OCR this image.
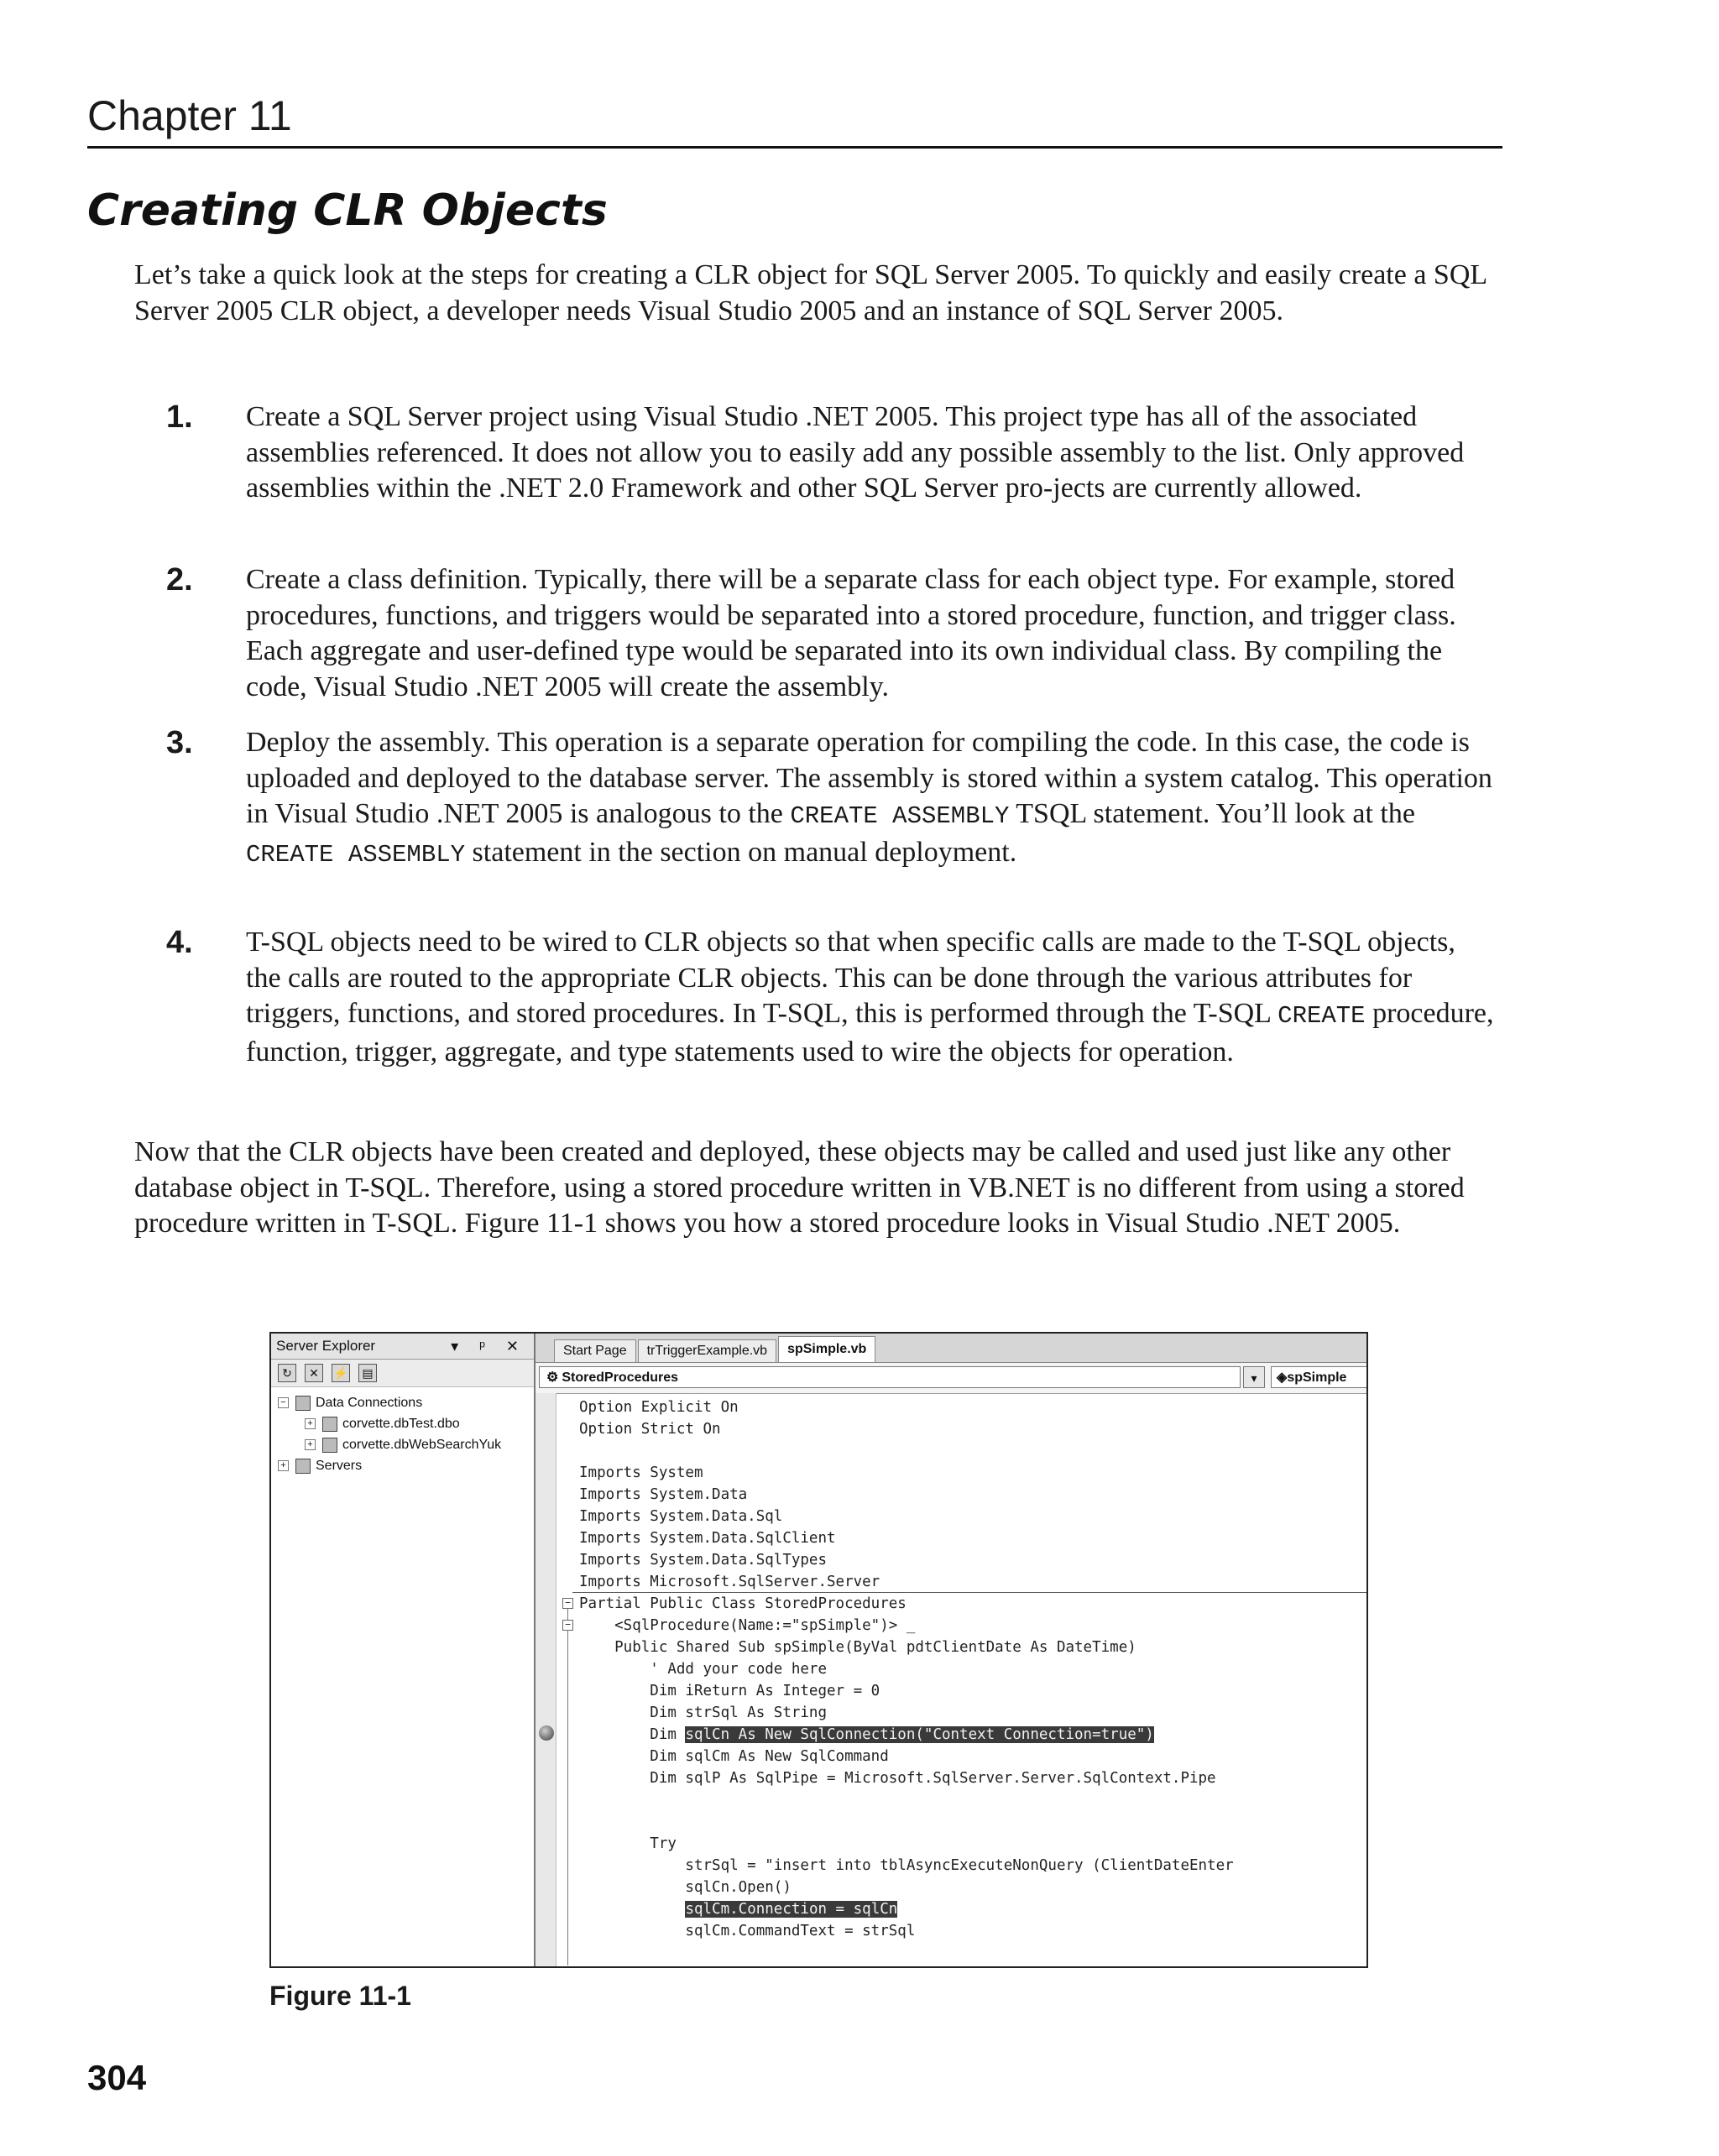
Chapter 11
Creating CLR Objects

Let’s take a quick look at the steps for creating a CLR object for SQL Server 2005. To quickly and easily create a SQL Server 2005 CLR object, a developer needs Visual Studio 2005 and an instance of SQL Server 2005.

1. Create a SQL Server project using Visual Studio .NET 2005. This project type has all of the associated assemblies referenced. It does not allow you to easily add any possible assembly to the list. Only approved assemblies within the .NET 2.0 Framework and other SQL Server pro-jects are currently allowed.
2. Create a class definition. Typically, there will be a separate class for each object type. For example, stored procedures, functions, and triggers would be separated into a stored procedure, function, and trigger class. Each aggregate and user-defined type would be separated into its own individual class. By compiling the code, Visual Studio .NET 2005 will create the assembly.
3. Deploy the assembly. This operation is a separate operation for compiling the code. In this case, the code is uploaded and deployed to the database server. The assembly is stored within a system catalog. This operation in Visual Studio .NET 2005 is analogous to the CREATE ASSEMBLY TSQL statement. You’ll look at the CREATE ASSEMBLY statement in the section on manual deployment.
4. T-SQL objects need to be wired to CLR objects so that when specific calls are made to the T-SQL objects, the calls are routed to the appropriate CLR objects. This can be done through the various attributes for triggers, functions, and stored procedures. In T-SQL, this is performed through the T-SQL CREATE procedure, function, trigger, aggregate, and type statements used to wire the objects for operation.

Now that the CLR objects have been created and deployed, these objects may be called and used just like any other database object in T-SQL. Therefore, using a stored procedure written in VB.NET is no different from using a stored procedure written in T-SQL. Figure 11-1 shows you how a stored procedure looks in Visual Studio .NET 2005.

Server Explorer	▾ ᵖ ✕
↻	✕	⚡	▤
− Data Connections
+ corvette.dbTest.dbo
+ corvette.dbWebSearchYuk
+ Servers
Start Page	trTriggerExample.vb	spSimple.vb
⚙ StoredProcedures	▾	◈spSimple
−
−
Option Explicit On
Option Strict On
Imports System
Imports System.Data
Imports System.Data.Sql
Imports System.Data.SqlClient
Imports System.Data.SqlTypes
Imports Microsoft.SqlServer.Server
Partial Public Class StoredProcedures
<SqlProcedure(Name:="spSimple")> _
Public Shared Sub spSimple(ByVal pdtClientDate As DateTime)
' Add your code here
Dim iReturn As Integer = 0
Dim strSql As String
Dim sqlCn As New SqlConnection("Context Connection=true")
Dim sqlCm As New SqlCommand
Dim sqlP As SqlPipe = Microsoft.SqlServer.Server.SqlContext.Pipe
Try
strSql = "insert into tblAsyncExecuteNonQuery (ClientDateEnter
sqlCn.Open()
sqlCm.Connection = sqlCn
sqlCm.CommandText = strSql
Figure 11-1
304
